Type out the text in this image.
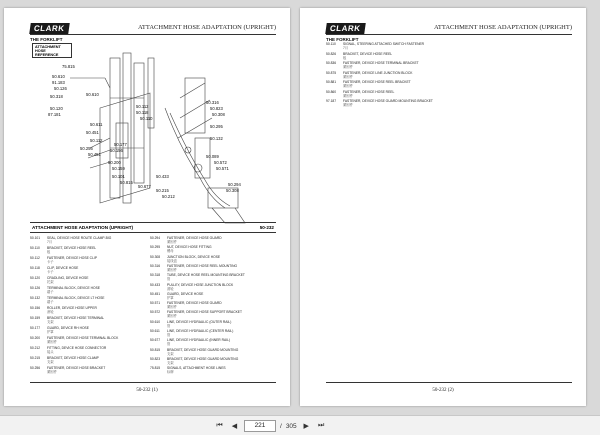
CLARK
THE FORKLIFT
ATTACHMENT HOSE ADAPTATION (UPRIGHT)
75.815
50.610
91.183
50.126
50.318
50.120
87.181
50.610
50.112
50.118
50.110
50.316
50.823
50.308
50.611
50.451
50.295
50.112
50.256
50.451
50.177
50.156
50.132
50.089
50.200	50.572
50.159	50.571
50.101	50.433
50.815
50.677
50.215
50.294
50.308
50.212
ATTACHMENT HOSE
REFERENCE
ATTACHMENT HOSE ADAPTATION (UPRIGHT)	50-232
50.101	SEAL, DEVICE HOSE ROUTE CLAMP-BIG
7月
50.110	BRACKET, DEVICE HOSE REEL
板
50.112	FASTENER, DEVICE HOSE CLIP
卡子
50.118	CLIP, DEVICE HOSE
卡子
50.120	CRADLING, DEVICE HOSE
托架
50.126	TERMINAL BLOCK, DEVICE HOSE
端子
50.132	TERMINAL BLOCK, DEVICE LT HOSE
端子
50.156	ROLLER, DEVICE HOSE UPPER
滚轮
50.159	BRACKET, DEVICE HOSE TERMINAL
支架
50.177	GUARD, DEVICE RH HOSE
护罩
50.200	FASTENER, DEVICE HOSE TERMINAL BLOCK
紧固件
50.212	FITTING, DEVICE HOSE CONNECTOR
接头
50.215	BRACKET, DEVICE HOSE CLAMP
支架
50.256	FASTENER, DEVICE HOSE BRACKET
紧固件
50.294	FASTENER, DEVICE HOSE GUARD
紧固件
50.295	NUT, DEVICE HOSE FITTING
螺母
50.308	JUNCTION BLOCK, DEVICE HOSE
接线盒
50.316	FASTENER, DEVICE HOSE REEL MOUNTING
紧固件
50.318	TUBE, DEVICE HOSE REEL MOUNTING BRACKET
管
50.433	PULLEY, DEVICE HOSE JUNCTION BLOCK
滑轮
50.451	GUARD, DEVICE HOSE
护罩
50.571	FASTENER, DEVICE HOSE GUARD
紧固件
50.572	FASTENER, DEVICE HOSE SUPPORT BRACKET
紧固件
50.610	LINE, DEVICE HYDRAULIC (OUTER RAIL)
管
50.611	LINE, DEVICE HYDRAULIC (CENTER RAIL)
管
50.677	LINE, DEVICE HYDRAULIC (INNER RAIL)
管
50.815	BRACKET, DEVICE HOSE GUARD MOUNTING
支架
50.823	BRACKET, DEVICE HOSE GUARD MOUNTING
支架
75.815	SIGNALS, ATTACHMENT HOSE LINES
标牌
50-232 (1)
CLARK
THE FORKLIFT
ATTACHMENT HOSE ADAPTATION (UPRIGHT)
50.110	SIGNAL, STEERING ATTACHED SWITCH FASTENER
7月
50.826	BRACKET, DEVICE HOSE REEL
板
50.836	FASTENER, DEVICE HOSE TERMINAL BRACKET
紧固件
50.875	FASTENER, DEVICE LINE JUNCTION BLOCK
紧固件
50.881	FASTENER, DEVICE HOSE REEL BRACKET
紧固件
50.860	FASTENER, DEVICE HOSE REEL
紧固件
97.187	FASTENER, DEVICE HOSE GUARD MOUNTING BRACKET
紧固件
50-232 (2)
⏮ ◀	221	/ 305 ▶ ⏭
